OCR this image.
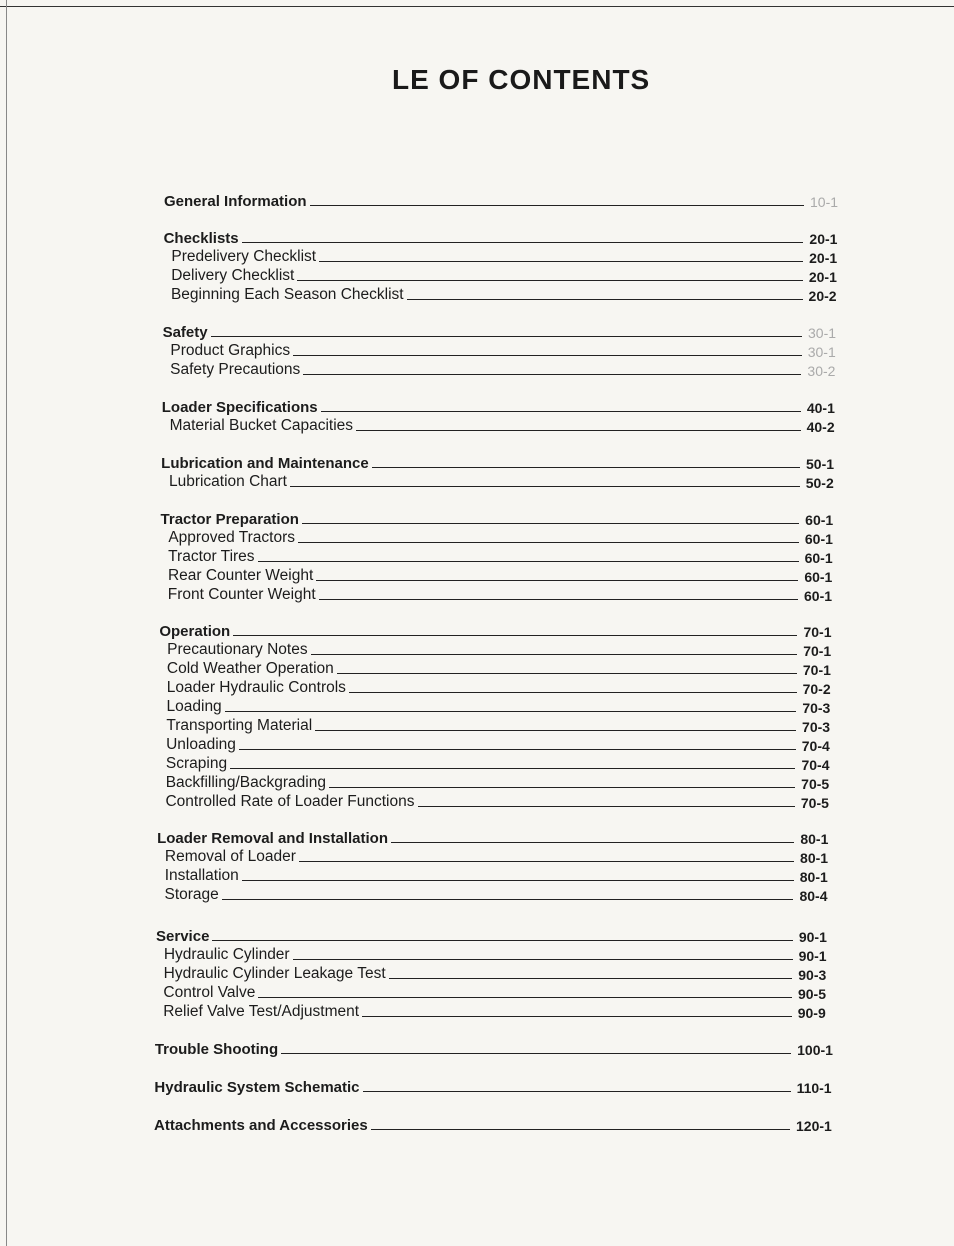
LE OF CONTENTS
General Information	10-1
Checklists	20-1
Predelivery Checklist	20-1
Delivery Checklist	20-1
Beginning Each Season Checklist	20-2
Safety	30-1
Product Graphics	30-1
Safety Precautions	30-2
Loader Specifications	40-1
Material Bucket Capacities	40-2
Lubrication and Maintenance	50-1
Lubrication Chart	50-2
Tractor Preparation	60-1
Approved Tractors	60-1
Tractor Tires	60-1
Rear Counter Weight	60-1
Front Counter Weight	60-1
Operation	70-1
Precautionary Notes	70-1
Cold Weather Operation	70-1
Loader Hydraulic Controls	70-2
Loading	70-3
Transporting Material	70-3
Unloading	70-4
Scraping	70-4
Backfilling/Backgrading	70-5
Controlled Rate of Loader Functions	70-5
Loader Removal and Installation	80-1
Removal of Loader	80-1
Installation	80-1
Storage	80-4
Service	90-1
Hydraulic Cylinder	90-1
Hydraulic Cylinder Leakage Test	90-3
Control Valve	90-5
Relief Valve Test/Adjustment	90-9
Trouble Shooting	100-1
Hydraulic System Schematic	110-1
Attachments and Accessories	120-1
